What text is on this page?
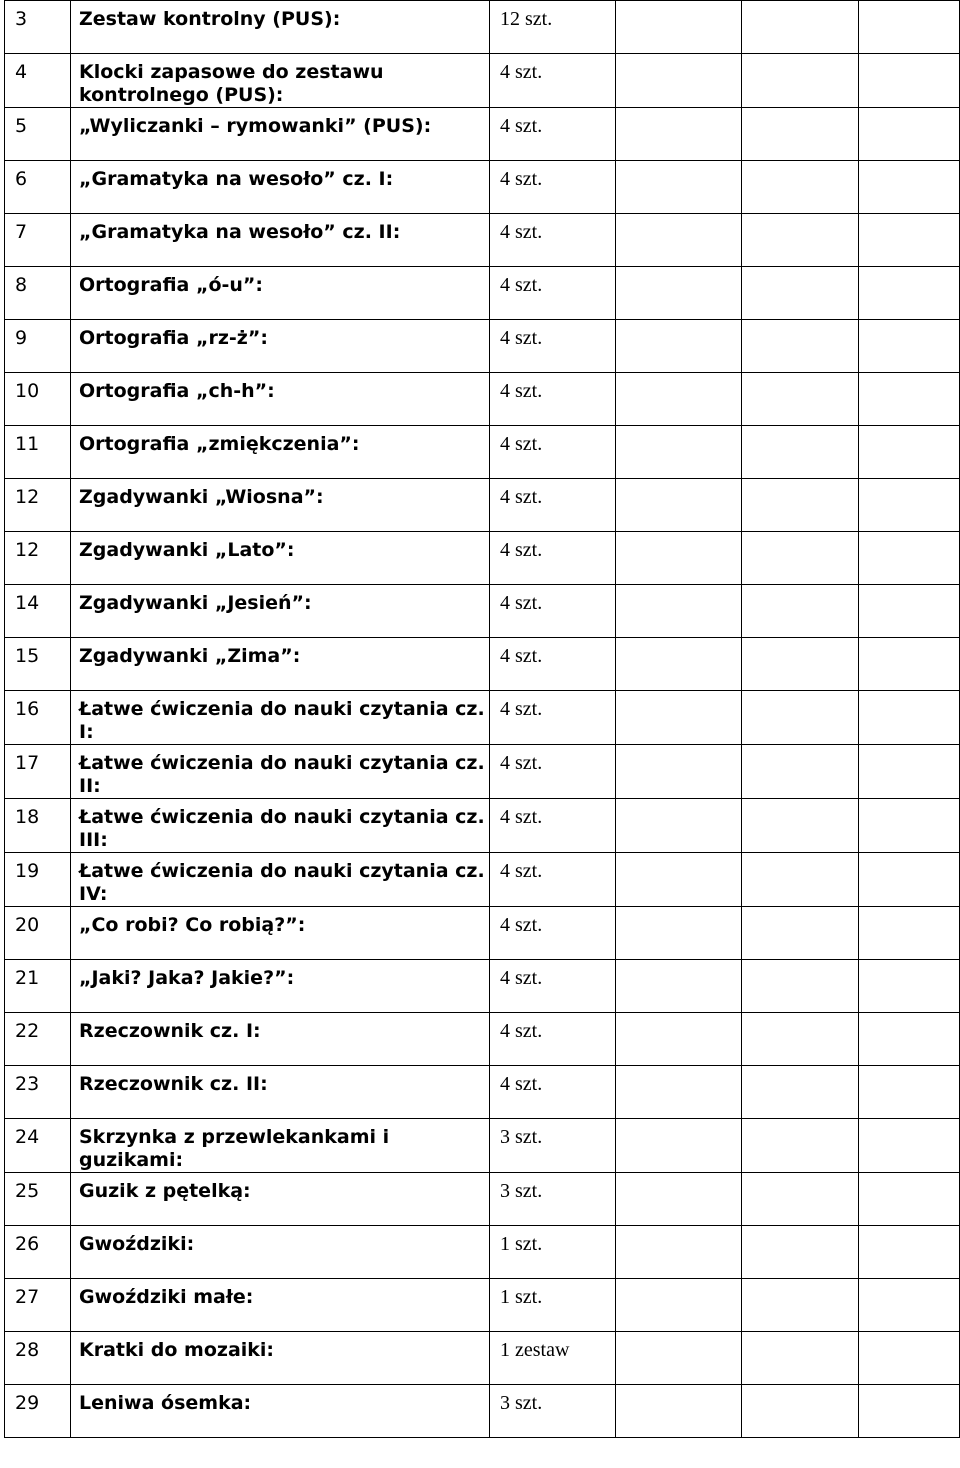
3	Zestaw kontrolny (PUS):	12 szt.			
4	Klocki zapasowe do zestawu kontrolnego (PUS):	4 szt.			
5	„Wyliczanki – rymowanki” (PUS):	4 szt.			
6	„Gramatyka na wesoło” cz. I:	4 szt.			
7	„Gramatyka na wesoło” cz. II:	4 szt.			
8	Ortografia „ó-u”:	4 szt.			
9	Ortografia „rz-ż”:	4 szt.			
10	Ortografia „ch-h”:	4 szt.			
11	Ortografia „zmiękczenia”:	4 szt.			
12	Zgadywanki „Wiosna”:	4 szt.			
12	Zgadywanki „Lato”:	4 szt.			
14	Zgadywanki „Jesień”:	4 szt.			
15	Zgadywanki „Zima”:	4 szt.			
16	Łatwe ćwiczenia do nauki czytania cz. I:	4 szt.			
17	Łatwe ćwiczenia do nauki czytania cz. II:	4 szt.			
18	Łatwe ćwiczenia do nauki czytania cz. III:	4 szt.			
19	Łatwe ćwiczenia do nauki czytania cz. IV:	4 szt.			
20	„Co robi? Co robią?”:	4 szt.			
21	„Jaki? Jaka? Jakie?”:	4 szt.			
22	Rzeczownik cz. I:	4 szt.			
23	Rzeczownik cz. II:	4 szt.			
24	Skrzynka z przewlekankami i guzikami:	3 szt.			
25	Guzik z pętelką:	3 szt.			
26	Gwoździki:	1 szt.			
27	Gwoździki małe:	1 szt.			
28	Kratki do mozaiki:	1 zestaw			
29	Leniwa ósemka:	3 szt.			
